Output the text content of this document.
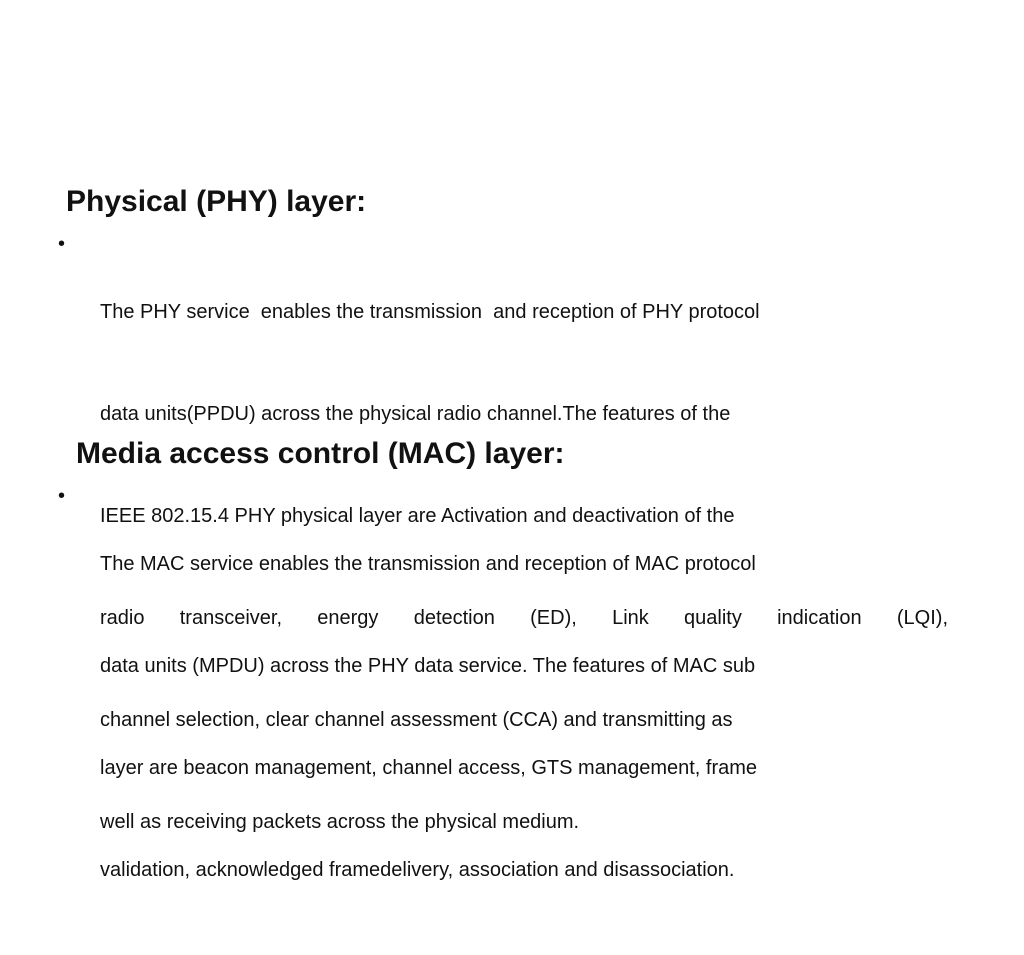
Physical (PHY) layer:
•

The PHY service  enables the transmission  and reception of PHY protocol

data units(PPDU) across the physical radio channel.The features of the

IEEE 802.15.4 PHY physical layer are Activation and deactivation of the

radio transceiver, energy detection (ED), Link quality indication (LQI),

channel selection, clear channel assessment (CCA) and transmitting as

well as receiving packets across the physical medium.

Media access control (MAC) layer:
•

The MAC service enables the transmission and reception of MAC protocol

data units (MPDU) across the PHY data service. The features of MAC sub

layer are beacon management, channel access, GTS management, frame

validation, acknowledged framedelivery, association and disassociation.
